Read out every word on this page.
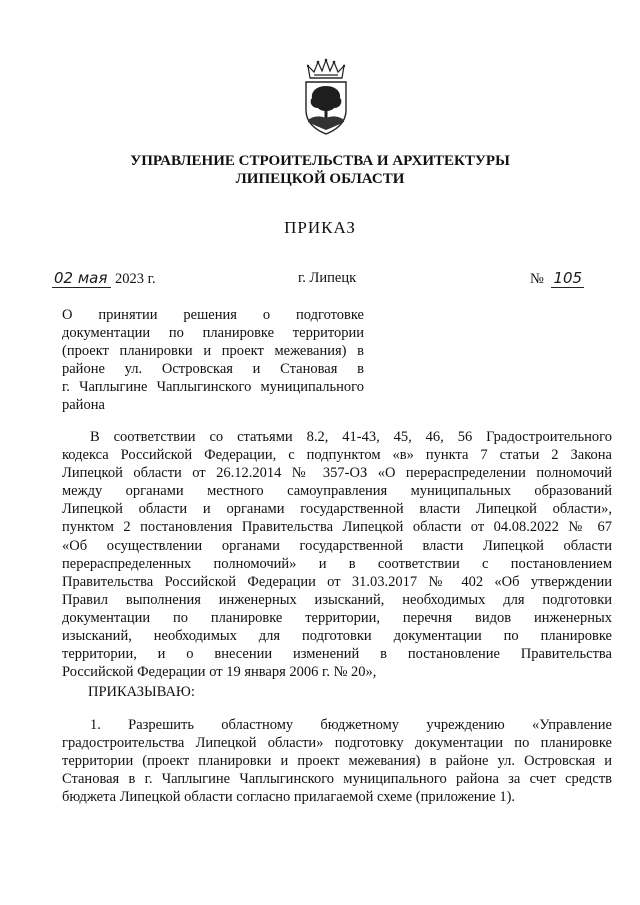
УПРАВЛЕНИЕ СТРОИТЕЛЬСТВА И АРХИТЕКТУРЫ
ЛИПЕЦКОЙ ОБЛАСТИ
ПРИКАЗ
02 мая 2023 г.	г. Липецк	№ 105
О принятии решения о подготовке
документации по планировке территории
(проект планировки и проект межевания) в
районе ул. Островская и Становая в
г. Чаплыгине Чаплыгинского муниципального
района
В соответствии со статьями 8.2, 41-43, 45, 46, 56 Градостроительного
кодекса Российской Федерации, с подпунктом «в» пункта 7 статьи 2 Закона
Липецкой области от 26.12.2014 № 357-ОЗ «О перераспределении полномочий
между органами местного самоуправления муниципальных образований
Липецкой области и органами государственной власти Липецкой области»,
пунктом 2 постановления Правительства Липецкой области от 04.08.2022 № 67
«Об осуществлении органами государственной власти Липецкой области
перераспределенных полномочий» и в соответствии с постановлением
Правительства Российской Федерации от 31.03.2017 № 402 «Об утверждении
Правил выполнения инженерных изысканий, необходимых для подготовки
документации по планировке территории, перечня видов инженерных
изысканий, необходимых для подготовки документации по планировке
территории, и о внесении изменений в постановление Правительства
Российской Федерации от 19 января 2006 г. № 20»,
ПРИКАЗЫВАЮ:
1. Разрешить областному бюджетному учреждению «Управление
градостроительства Липецкой области» подготовку документации по планировке
территории (проект планировки и проект межевания) в районе ул. Островская и
Становая в г. Чаплыгине Чаплыгинского муниципального района за счет средств
бюджета Липецкой области согласно прилагаемой схеме (приложение 1).
